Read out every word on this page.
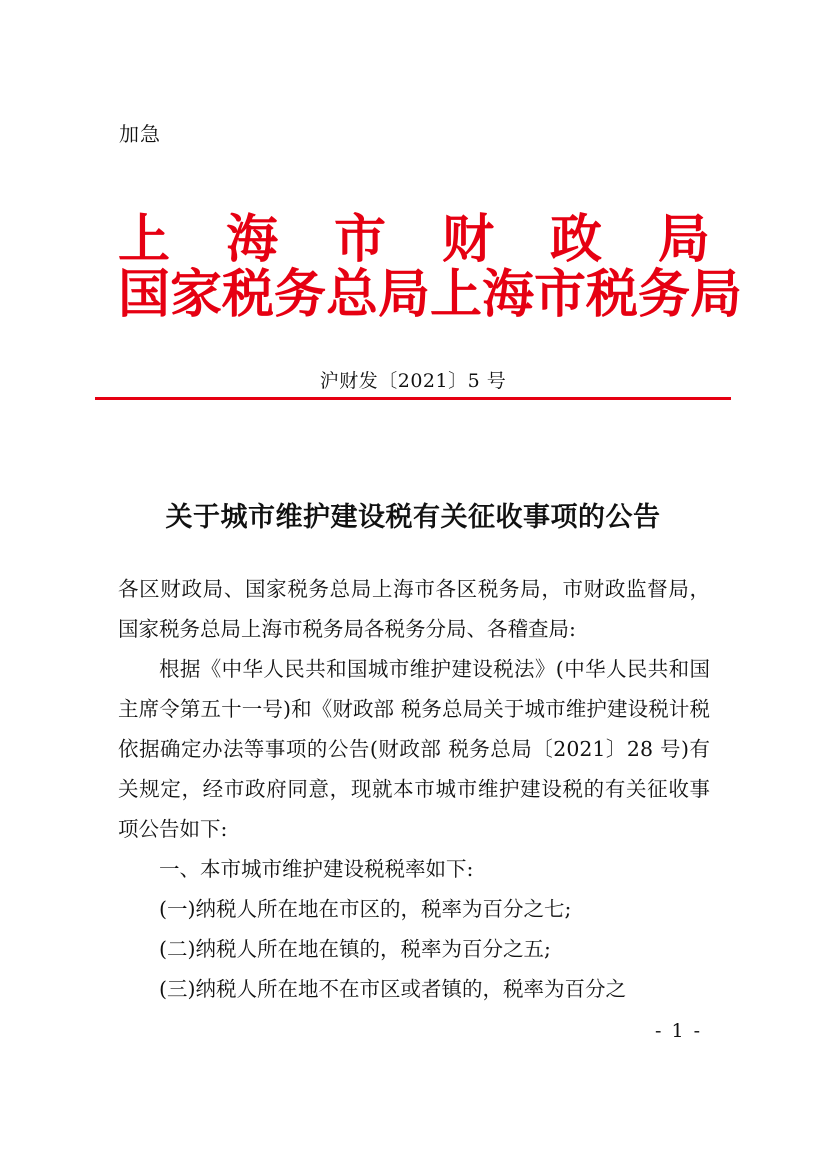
加急
上 海 市 财 政 局
国家税务总局上海市税务局
沪财发〔2021〕5 号
关于城市维护建设税有关征收事项的公告

各区财政局、国家税务总局上海市各区税务局，市财政监督局，国家税务总局上海市税务局各税务分局、各稽查局:

根据《中华人民共和国城市维护建设税法》(中华人民共和国主席令第五十一号)和《财政部 税务总局关于城市维护建设税计税依据确定办法等事项的公告(财政部 税务总局〔2021〕28 号)有关规定，经市政府同意，现就本市城市维护建设税的有关征收事项公告如下:

一、本市城市维护建设税税率如下:

(一)纳税人所在地在市区的，税率为百分之七;

(二)纳税人所在地在镇的，税率为百分之五;

(三)纳税人所在地不在市区或者镇的，税率为百分之

- 1 -
